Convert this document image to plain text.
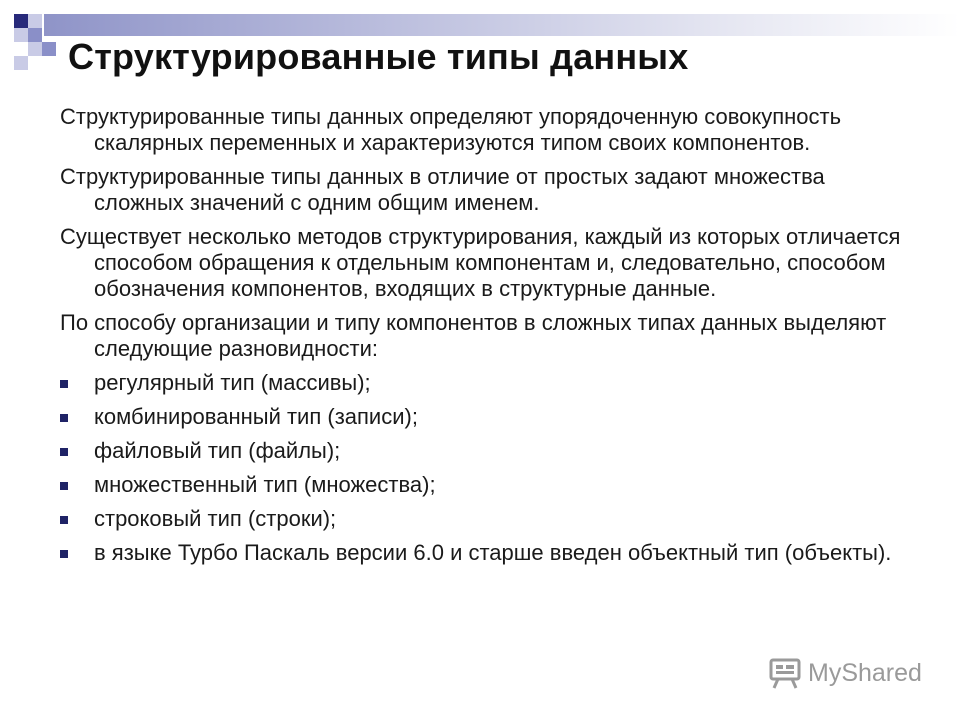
Структурированные типы данных

Структурированные типы данных определяют упорядоченную совокупность скалярных переменных и характеризуются типом своих компонентов.

Структурированные типы данных в отличие от простых задают множества сложных значений с одним общим именем.

Существует несколько методов структурирования, каждый из которых отличается способом обращения к отдельным компонентам и, следовательно, способом обозначения компонентов, входящих в структурные данные.

По способу организации и типу компонентов в сложных типах данных выделяют следующие разновидности:

регулярный тип (массивы);
комбинированный тип (записи);
файловый тип (файлы);
множественный тип (множества);
строковый тип (строки);
в языке Турбо Паскаль версии 6.0 и старше введен объектный тип (объекты).
MyShared
